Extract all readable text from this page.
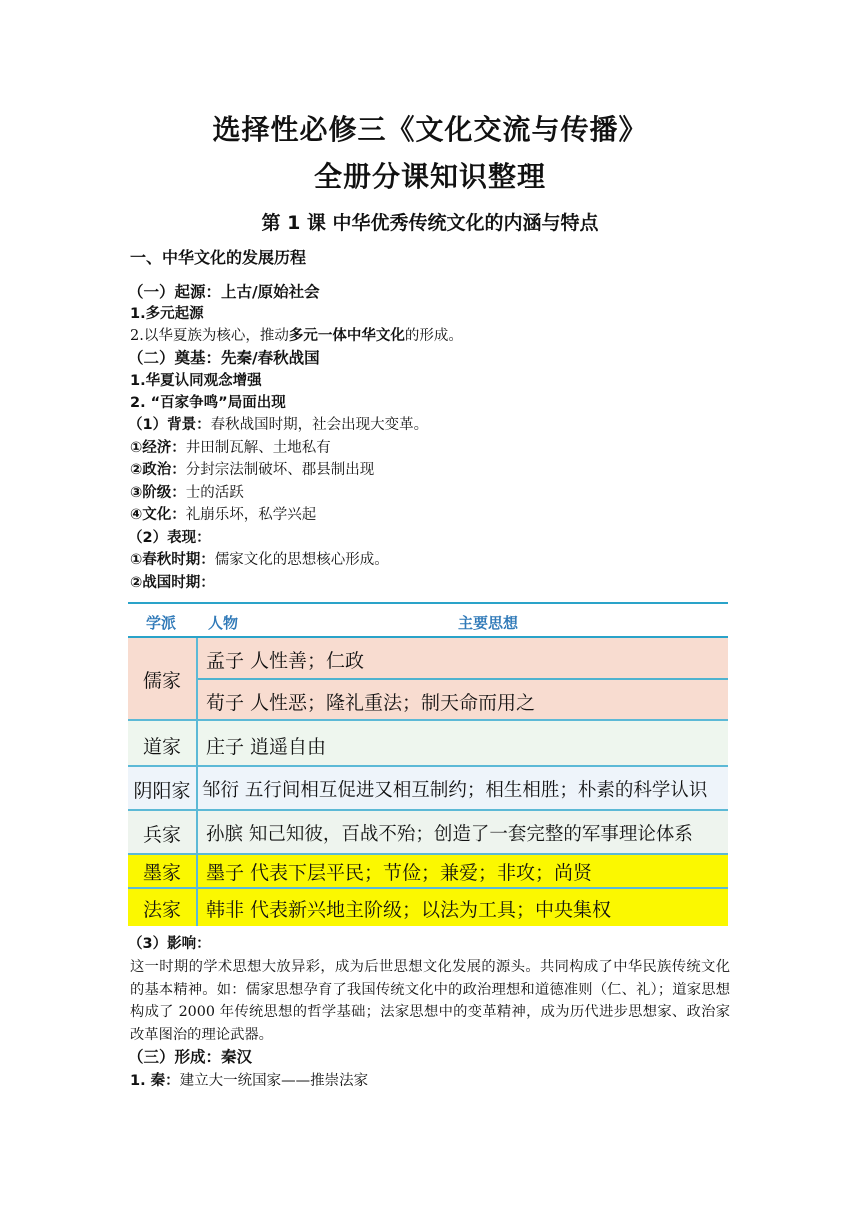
选择性必修三《文化交流与传播》
全册分课知识整理
第 1 课 中华优秀传统文化的内涵与特点
一、中华文化的发展历程
（一）起源：上古/原始社会
1.多元起源
2.以华夏族为核心，推动多元一体中华文化的形成。
（二）奠基：先秦/春秋战国
1.华夏认同观念增强
2. “百家争鸣”局面出现
（1）背景：春秋战国时期，社会出现大变革。
①经济：井田制瓦解、土地私有
②政治：分封宗法制破坏、郡县制出现
③阶级：士的活跃
④文化：礼崩乐坏，私学兴起
（2）表现：
①春秋时期：儒家文化的思想核心形成。
②战国时期：
学派 人物	主要思想
儒家
孟子 人性善；仁政
荀子 人性恶；隆礼重法；制天命而用之
道家	庄子 逍遥自由
阴阳家 邹衍 五行间相互促进又相互制约；相生相胜；朴素的科学认识
兵家	孙膑 知己知彼，百战不殆；创造了一套完整的军事理论体系
墨家	墨子 代表下层平民；节俭；兼爱；非攻；尚贤
法家	韩非 代表新兴地主阶级；以法为工具；中央集权
（3）影响：
这一时期的学术思想大放异彩，成为后世思想文化发展的源头。共同构成了中华民族传统文化的基本精神。如：儒家思想孕育了我国传统文化中的政治理想和道德准则（仁、礼）；道家思想构成了 2000 年传统思想的哲学基础；法家思想中的变革精神，成为历代进步思想家、政治家改革图治的理论武器。
（三）形成：秦汉
1. 秦：建立大一统国家——推崇法家
